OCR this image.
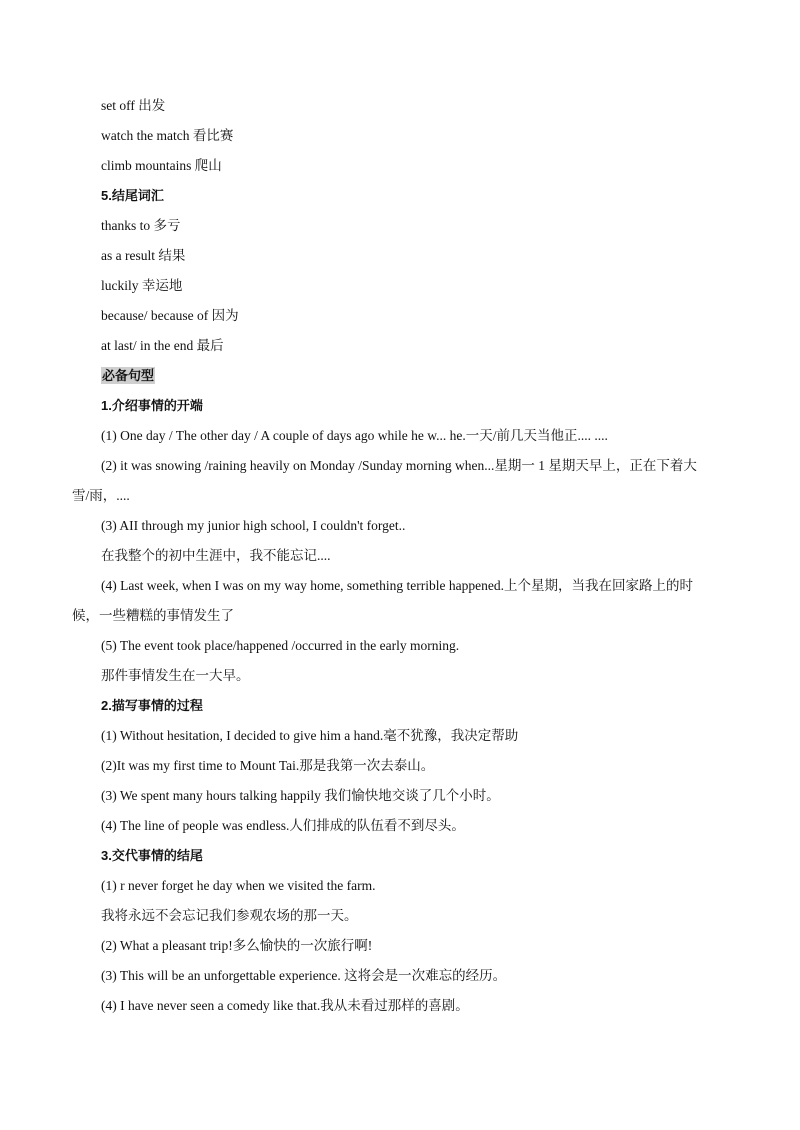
set off 出发
watch the match 看比赛
climb mountains 爬山
5.结尾词汇
thanks to 多亏
as a result 结果
luckily 幸运地
because/ because of 因为
at last/ in the end 最后
必备句型
1.介绍事情的开端
(1) One day / The other day / A couple of days ago while he w... he.一天/前几天当他正.... ....
(2) it was snowing /raining heavily on Monday /Sunday morning when...星期一 1 星期天早上，正在下着大
雪/雨，....
(3) AII through my junior high school, I couldn't forget..
在我整个的初中生涯中，我不能忘记....
(4) Last week, when I was on my way home, something terrible happened.上个星期，当我在回家路上的时
候，一些糟糕的事情发生了
(5) The event took place/happened /occurred in the early morning.
那件事情发生在一大早。
2.描写事情的过程
(1) Without hesitation, I decided to give him a hand.毫不犹豫，我决定帮助
(2)It was my first time to Mount Tai.那是我第一次去泰山。
(3) We spent many hours talking happily 我们愉快地交谈了几个小时。
(4) The line of people was endless.人们排成的队伍看不到尽头。
3.交代事情的结尾
(1) r never forget he day when we visited the farm.
我将永远不会忘记我们参观农场的那一天。
(2) What a pleasant trip!多么愉快的一次旅行啊!
(3) This will be an unforgettable experience. 这将会是一次难忘的经历。
(4) I have never seen a comedy like that.我从未看过那样的喜剧。
